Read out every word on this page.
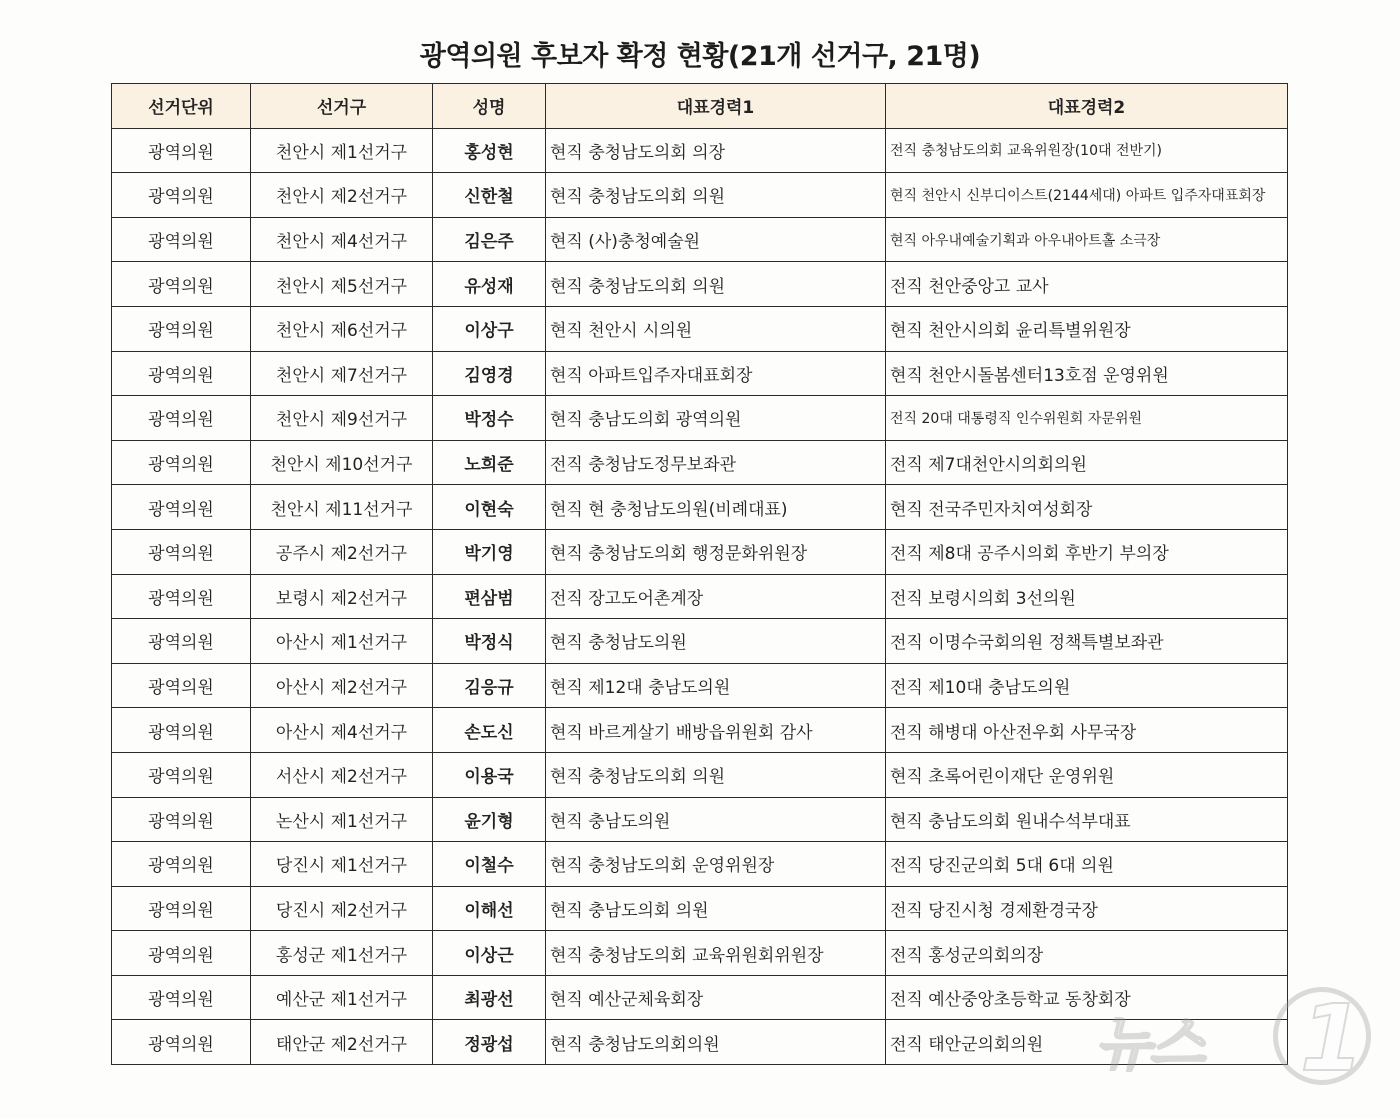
광역의원 후보자 확정 현황(21개 선거구, 21명)
선거단위	선거구	성명	대표경력1	대표경력2
광역의원	천안시 제1선거구	홍성현	현직 충청남도의회 의장	전직 충청남도의회 교육위원장(10대 전반기)
광역의원	천안시 제2선거구	신한철	현직 충청남도의회 의원	현직 천안시 신부디이스트(2144세대) 아파트 입주자대표회장
광역의원	천안시 제4선거구	김은주	현직 (사)충청예술원	현직 아우내예술기획과 아우내아트홀 소극장
광역의원	천안시 제5선거구	유성재	현직 충청남도의회 의원	전직 천안중앙고 교사
광역의원	천안시 제6선거구	이상구	현직 천안시 시의원	현직 천안시의회 윤리특별위원장
광역의원	천안시 제7선거구	김영경	현직 아파트입주자대표회장	현직 천안시돌봄센터13호점 운영위원
광역의원	천안시 제9선거구	박정수	현직 충남도의회 광역의원	전직 20대 대통령직 인수위원회 자문위원
광역의원	천안시 제10선거구	노희준	전직 충청남도정무보좌관	전직 제7대천안시의회의원
광역의원	천안시 제11선거구	이현숙	현직 현 충청남도의원(비례대표)	현직 전국주민자치여성회장
광역의원	공주시 제2선거구	박기영	현직 충청남도의회 행정문화위원장	전직 제8대 공주시의회 후반기 부의장
광역의원	보령시 제2선거구	편삼범	전직 장고도어촌계장	전직 보령시의회 3선의원
광역의원	아산시 제1선거구	박정식	현직 충청남도의원	전직 이명수국회의원 정책특별보좌관
광역의원	아산시 제2선거구	김응규	현직 제12대 충남도의원	전직 제10대 충남도의원
광역의원	아산시 제4선거구	손도신	현직 바르게살기 배방읍위원회 감사	전직 해병대 아산전우회 사무국장
광역의원	서산시 제2선거구	이용국	현직 충청남도의회 의원	현직 초록어린이재단 운영위원
광역의원	논산시 제1선거구	윤기형	현직 충남도의원	현직 충남도의회 원내수석부대표
광역의원	당진시 제1선거구	이철수	현직 충청남도의회 운영위원장	전직 당진군의회 5대 6대 의원
광역의원	당진시 제2선거구	이해선	현직 충남도의회 의원	전직 당진시청 경제환경국장
광역의원	홍성군 제1선거구	이상근	현직 충청남도의회 교육위원회위원장	전직 홍성군의회의장
광역의원	예산군 제1선거구	최광선	현직 예산군체육회장	전직 예산중앙초등학교 동창회장
광역의원	태안군 제2선거구	정광섭	현직 충청남도의회의원	전직 태안군의회의원 뉴스 1
